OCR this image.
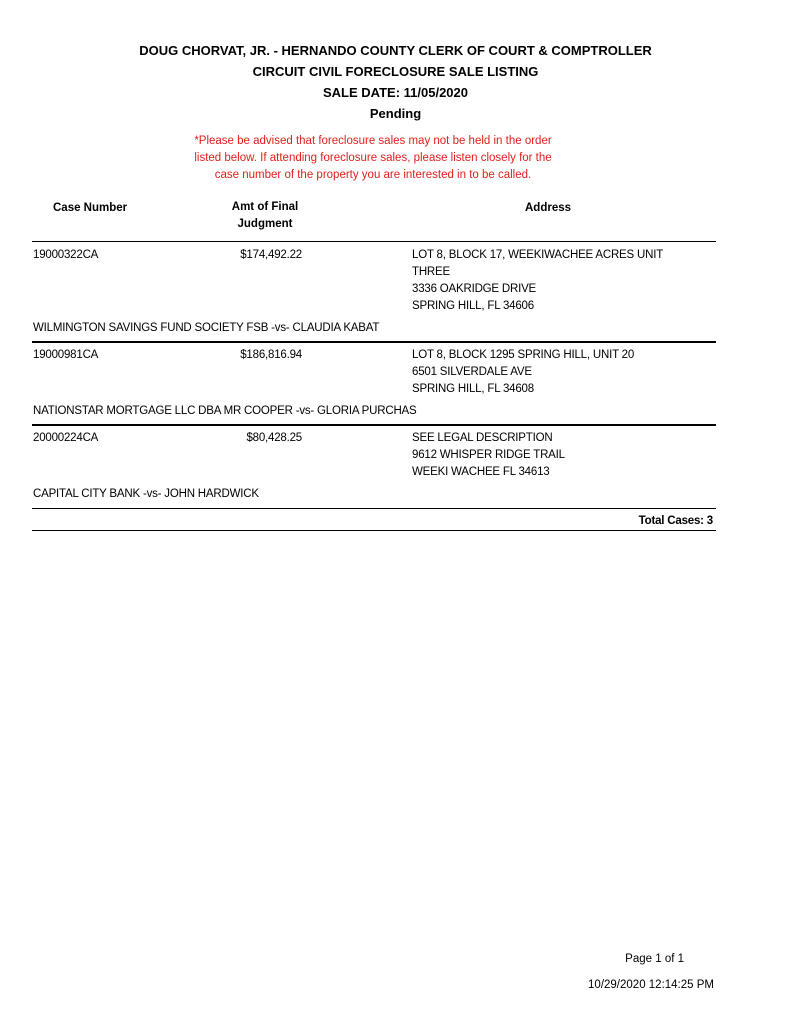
DOUG CHORVAT, JR. - HERNANDO COUNTY CLERK OF COURT & COMPTROLLER
CIRCUIT CIVIL FORECLOSURE SALE LISTING
SALE DATE: 11/05/2020
Pending
*Please be advised that foreclosure sales may not be held in the order
listed below. If attending foreclosure sales, please listen closely for the
case number of the property you are interested in to be called.
Case Number	Amt of Final
Judgment
Address
19000322CA	$174,492.22	LOT 8, BLOCK 17, WEEKIWACHEE ACRES UNIT
THREE
3336 OAKRIDGE DRIVE
SPRING HILL, FL 34606
WILMINGTON SAVINGS FUND SOCIETY FSB -vs- CLAUDIA KABAT
19000981CA	$186,816.94	LOT 8, BLOCK 1295 SPRING HILL, UNIT 20
6501 SILVERDALE AVE
SPRING HILL, FL 34608
NATIONSTAR MORTGAGE LLC DBA MR COOPER -vs- GLORIA PURCHAS
20000224CA	$80,428.25	SEE LEGAL DESCRIPTION
9612 WHISPER RIDGE TRAIL
WEEKI WACHEE FL 34613
CAPITAL CITY BANK -vs- JOHN HARDWICK
Total Cases: 3
Page 1 of 1
10/29/2020 12:14:25 PM
